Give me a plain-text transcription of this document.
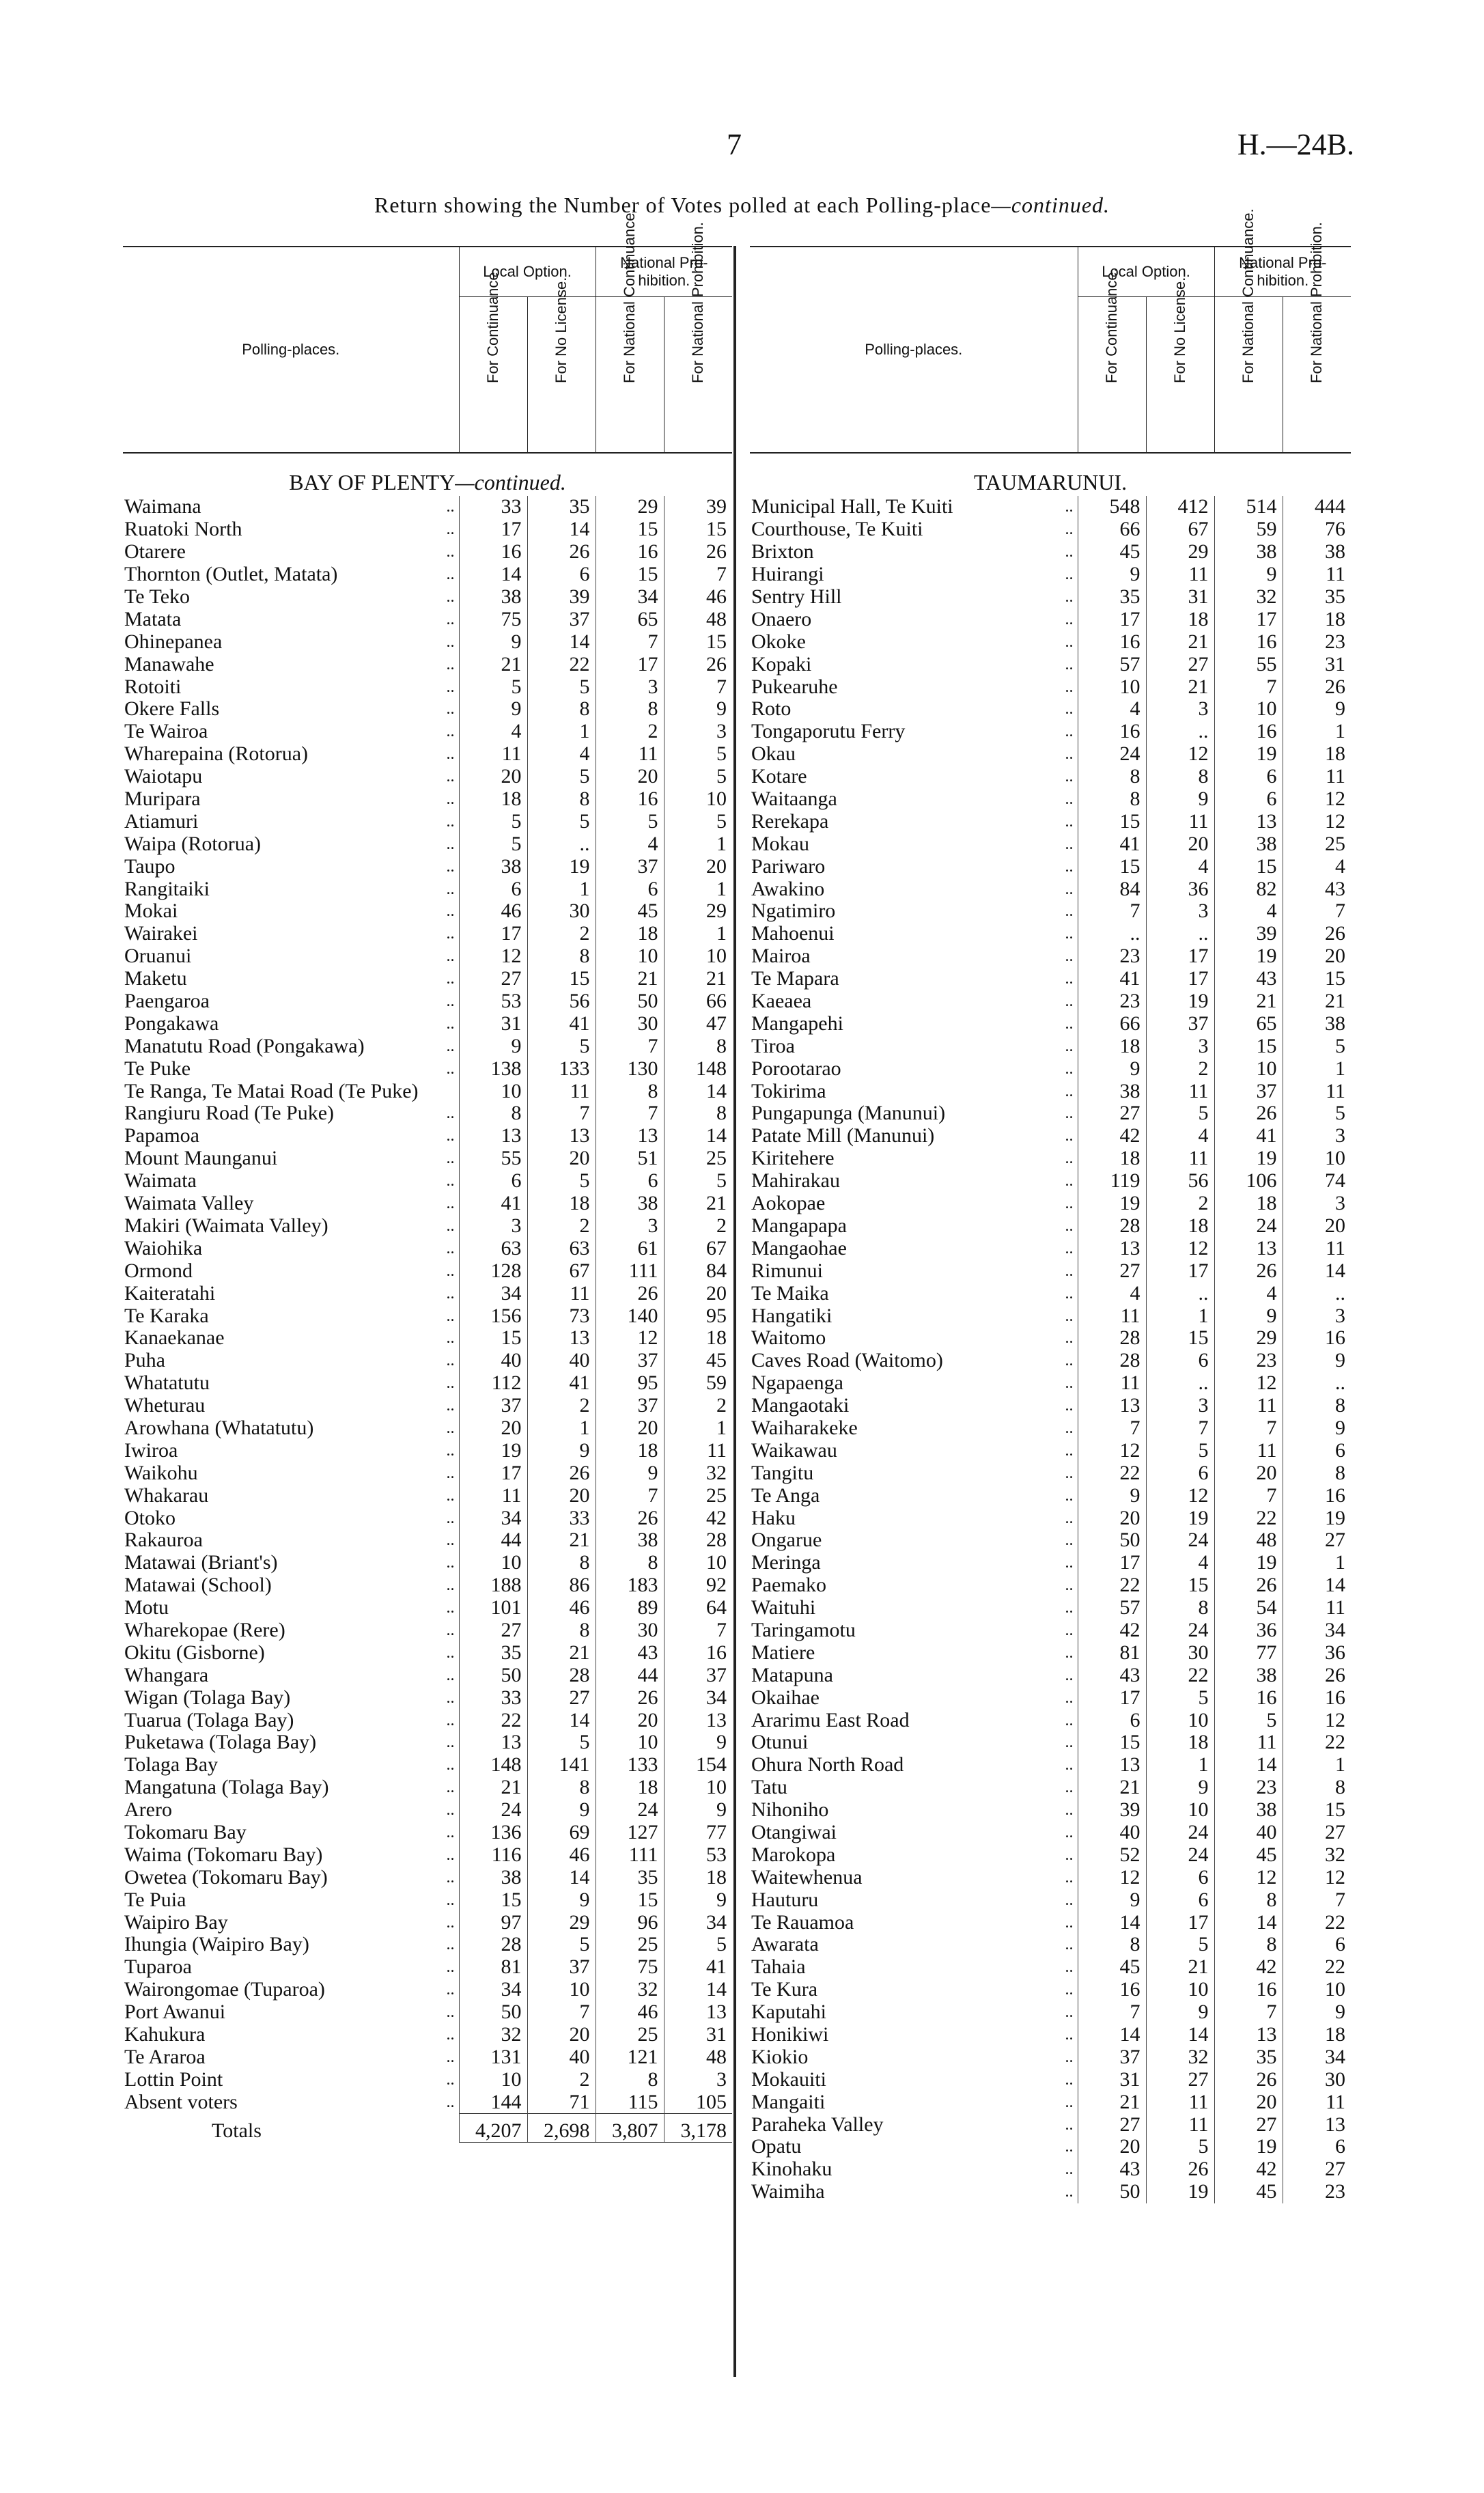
7	H.—24B.
Return showing the Number of Votes polled at each Polling-place—continued.
Polling-places.		Local Option.		National Pro-hibition.	

		For Continuance.	For No License.	For National Continuance.	For National Prohibition.

BAY OF PLENTY—continued.					
Waimana	..	33	35	29	39
Ruatoki North	..	17	14	15	15
Otarere	..	16	26	16	26
Thornton (Outlet, Matata)	..	14	6	15	7
Te Teko	..	38	39	34	46
Matata	..	75	37	65	48
Ohinepanea	..	9	14	7	15
Manawahe	..	21	22	17	26
Rotoiti	..	5	5	3	7
Okere Falls	..	9	8	8	9
Te Wairoa	..	4	1	2	3
Wharepaina (Rotorua)	..	11	4	11	5
Waiotapu	..	20	5	20	5
Muripara	..	18	8	16	10
Atiamuri	..	5	5	5	5
Waipa (Rotorua)	..	5	..	4	1
Taupo	..	38	19	37	20
Rangitaiki	..	6	1	6	1
Mokai	..	46	30	45	29
Wairakei	..	17	2	18	1
Oruanui	..	12	8	10	10
Maketu	..	27	15	21	21
Paengaroa	..	53	56	50	66
Pongakawa	..	31	41	30	47
Manatutu Road (Pongakawa)	..	9	5	7	8
Te Puke	..	138	133	130	148
Te Ranga, Te Matai Road (Te Puke)		10	11	8	14
Rangiuru Road (Te Puke)	..	8	7	7	8
Papamoa	..	13	13	13	14
Mount Maunganui	..	55	20	51	25
Waimata	..	6	5	6	5
Waimata Valley	..	41	18	38	21
Makiri (Waimata Valley)	..	3	2	3	2
Waiohika	..	63	63	61	67
Ormond	..	128	67	111	84
Kaiteratahi	..	34	11	26	20
Te Karaka	..	156	73	140	95
Kanaekanae	..	15	13	12	18
Puha	..	40	40	37	45
Whatatutu	..	112	41	95	59
Wheturau	..	37	2	37	2
Arowhana (Whatatutu)	..	20	1	20	1
Iwiroa	..	19	9	18	11
Waikohu	..	17	26	9	32
Whakarau	..	11	20	7	25
Otoko	..	34	33	26	42
Rakauroa	..	44	21	38	28
Matawai (Briant's)	..	10	8	8	10
Matawai (School)	..	188	86	183	92
Motu	..	101	46	89	64
Wharekopae (Rere)	..	27	8	30	7
Okitu (Gisborne)	..	35	21	43	16
Whangara	..	50	28	44	37
Wigan (Tolaga Bay)	..	33	27	26	34
Tuarua (Tolaga Bay)	..	22	14	20	13
Puketawa (Tolaga Bay)	..	13	5	10	9
Tolaga Bay	..	148	141	133	154
Mangatuna (Tolaga Bay)	..	21	8	18	10
Arero	..	24	9	24	9
Tokomaru Bay	..	136	69	127	77
Waima (Tokomaru Bay)	..	116	46	111	53
Owetea (Tokomaru Bay)	..	38	14	35	18
Te Puia	..	15	9	15	9
Waipiro Bay	..	97	29	96	34
Ihungia (Waipiro Bay)	..	28	5	25	5
Tuparoa	..	81	37	75	41
Wairongomae (Tuparoa)	..	34	10	32	14
Port Awanui	..	50	7	46	13
Kahukura	..	32	20	25	31
Te Araroa	..	131	40	121	48
Lottin Point	..	10	2	8	3
Absent voters	..	144	71	115	105
Totals		4,207	2,698	3,807	3,178
Polling-places.		Local Option.		National Pro-hibition.	

		For Continuance.	For No License.	For National Continuance.	For National Prohibition.

TAUMARUNUI.					
Municipal Hall, Te Kuiti	..	548	412	514	444
Courthouse, Te Kuiti	..	66	67	59	76
Brixton	..	45	29	38	38
Huirangi	..	9	11	9	11
Sentry Hill	..	35	31	32	35
Onaero	..	17	18	17	18
Okoke	..	16	21	16	23
Kopaki	..	57	27	55	31
Pukearuhe	..	10	21	7	26
Roto	..	4	3	10	9
Tongaporutu Ferry	..	16	..	16	1
Okau	..	24	12	19	18
Kotare	..	8	8	6	11
Waitaanga	..	8	9	6	12
Rerekapa	..	15	11	13	12
Mokau	..	41	20	38	25
Pariwaro	..	15	4	15	4
Awakino	..	84	36	82	43
Ngatimiro	..	7	3	4	7
Mahoenui	..	..	..	39	26
Mairoa	..	23	17	19	20
Te Mapara	..	41	17	43	15
Kaeaea	..	23	19	21	21
Mangapehi	..	66	37	65	38
Tiroa	..	18	3	15	5
Porootarao	..	9	2	10	1
Tokirima	..	38	11	37	11
Pungapunga (Manunui)	..	27	5	26	5
Patate Mill (Manunui)	..	42	4	41	3
Kiritehere	..	18	11	19	10
Mahirakau	..	119	56	106	74
Aokopae	..	19	2	18	3
Mangapapa	..	28	18	24	20
Mangaohae	..	13	12	13	11
Rimunui	..	27	17	26	14
Te Maika	..	4	..	4	..
Hangatiki	..	11	1	9	3
Waitomo	..	28	15	29	16
Caves Road (Waitomo)	..	28	6	23	9
Ngapaenga	..	11	..	12	..
Mangaotaki	..	13	3	11	8
Waiharakeke	..	7	7	7	9
Waikawau	..	12	5	11	6
Tangitu	..	22	6	20	8
Te Anga	..	9	12	7	16
Haku	..	20	19	22	19
Ongarue	..	50	24	48	27
Meringa	..	17	4	19	1
Paemako	..	22	15	26	14
Waituhi	..	57	8	54	11
Taringamotu	..	42	24	36	34
Matiere	..	81	30	77	36
Matapuna	..	43	22	38	26
Okaihae	..	17	5	16	16
Ararimu East Road	..	6	10	5	12
Otunui	..	15	18	11	22
Ohura North Road	..	13	1	14	1
Tatu	..	21	9	23	8
Nihoniho	..	39	10	38	15
Otangiwai	..	40	24	40	27
Marokopa	..	52	24	45	32
Waitewhenua	..	12	6	12	12
Hauturu	..	9	6	8	7
Te Rauamoa	..	14	17	14	22
Awarata	..	8	5	8	6
Tahaia	..	45	21	42	22
Te Kura	..	16	10	16	10
Kaputahi	..	7	9	7	9
Honikiwi	..	14	14	13	18
Kiokio	..	37	32	35	34
Mokauiti	..	31	27	26	30
Mangaiti	..	21	11	20	11
Paraheka Valley	..	27	11	27	13
Opatu	..	20	5	19	6
Kinohaku	..	43	26	42	27
Waimiha	..	50	19	45	23
